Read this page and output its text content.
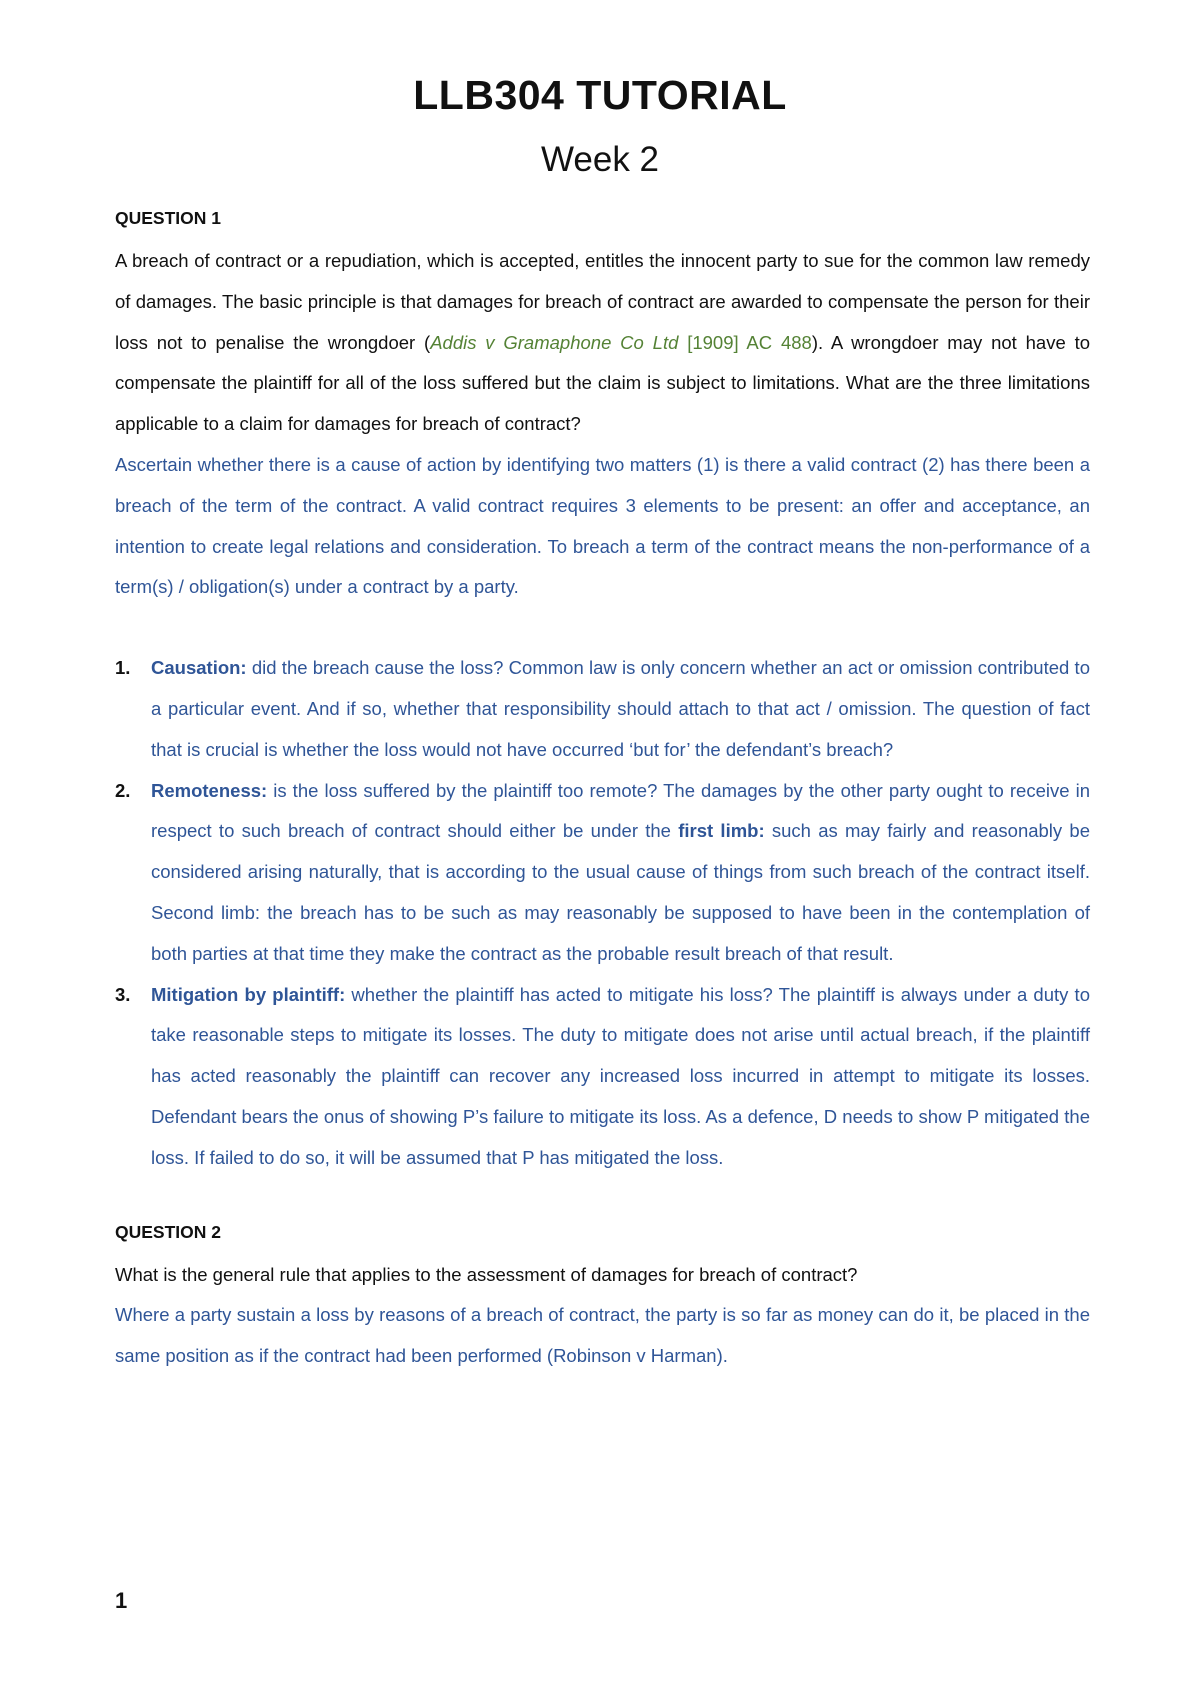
LLB304 TUTORIAL
Week 2

QUESTION 1

A breach of contract or a repudiation, which is accepted, entitles the innocent party to sue for the common law remedy of damages. The basic principle is that damages for breach of contract are awarded to compensate the person for their loss not to penalise the wrongdoer (Addis v Gramaphone Co Ltd [1909] AC 488). A wrongdoer may not have to compensate the plaintiff for all of the loss suffered but the claim is subject to limitations. What are the three limitations applicable to a claim for damages for breach of contract?

Ascertain whether there is a cause of action by identifying two matters (1) is there a valid contract (2) has there been a breach of the term of the contract. A valid contract requires 3 elements to be present: an offer and acceptance, an intention to create legal relations and consideration. To breach a term of the contract means the non-performance of a term(s) / obligation(s) under a contract by a party.

1. Causation: did the breach cause the loss? Common law is only concern whether an act or omission contributed to a particular event. And if so, whether that responsibility should attach to that act / omission. The question of fact that is crucial is whether the loss would not have occurred ‘but for’ the defendant’s breach?
2. Remoteness: is the loss suffered by the plaintiff too remote? The damages by the other party ought to receive in respect to such breach of contract should either be under the first limb: such as may fairly and reasonably be considered arising naturally, that is according to the usual cause of things from such breach of the contract itself. Second limb: the breach has to be such as may reasonably be supposed to have been in the contemplation of both parties at that time they make the contract as the probable result breach of that result.
3. Mitigation by plaintiff: whether the plaintiff has acted to mitigate his loss? The plaintiff is always under a duty to take reasonable steps to mitigate its losses. The duty to mitigate does not arise until actual breach, if the plaintiff has acted reasonably the plaintiff can recover any increased loss incurred in attempt to mitigate its losses. Defendant bears the onus of showing P’s failure to mitigate its loss. As a defence, D needs to show P mitigated the loss. If failed to do so, it will be assumed that P has mitigated the loss.

QUESTION 2

What is the general rule that applies to the assessment of damages for breach of contract?

Where a party sustain a loss by reasons of a breach of contract, the party is so far as money can do it, be placed in the same position as if the contract had been performed (Robinson v Harman).

1
